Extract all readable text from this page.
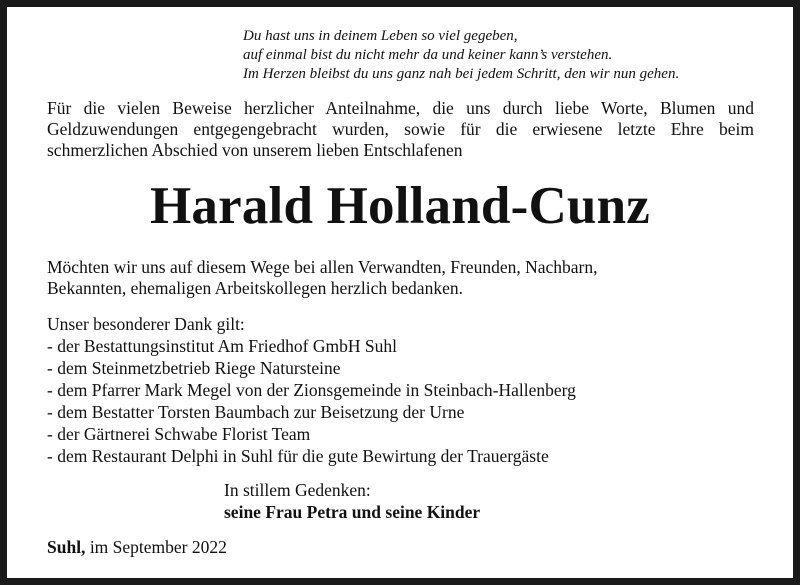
Du hast uns in deinem Leben so viel gegeben,
auf einmal bist du nicht mehr da und keiner kann’s verstehen.
Im Herzen bleibst du uns ganz nah bei jedem Schritt, den wir nun gehen.
Für die vielen Beweise herzlicher Anteilnahme, die uns durch liebe Worte, Blumen und
Geldzuwendungen entgegengebracht wurden, sowie für die erwiesene letzte Ehre beim
schmerzlichen Abschied von unserem lieben Entschlafenen
Harald Holland-Cunz
Möchten wir uns auf diesem Wege bei allen Verwandten, Freunden, Nachbarn,
Bekannten, ehemaligen Arbeitskollegen herzlich bedanken.
Unser besonderer Dank gilt:
- der Bestattungsinstitut Am Friedhof GmbH Suhl
- dem Steinmetzbetrieb Riege Natursteine
- dem Pfarrer Mark Megel von der Zionsgemeinde in Steinbach-Hallenberg
- dem Bestatter Torsten Baumbach zur Beisetzung der Urne
- der Gärtnerei Schwabe Florist Team
- dem Restaurant Delphi in Suhl für die gute Bewirtung der Trauergäste
In stillem Gedenken:
seine Frau Petra und seine Kinder
Suhl, im September 2022
